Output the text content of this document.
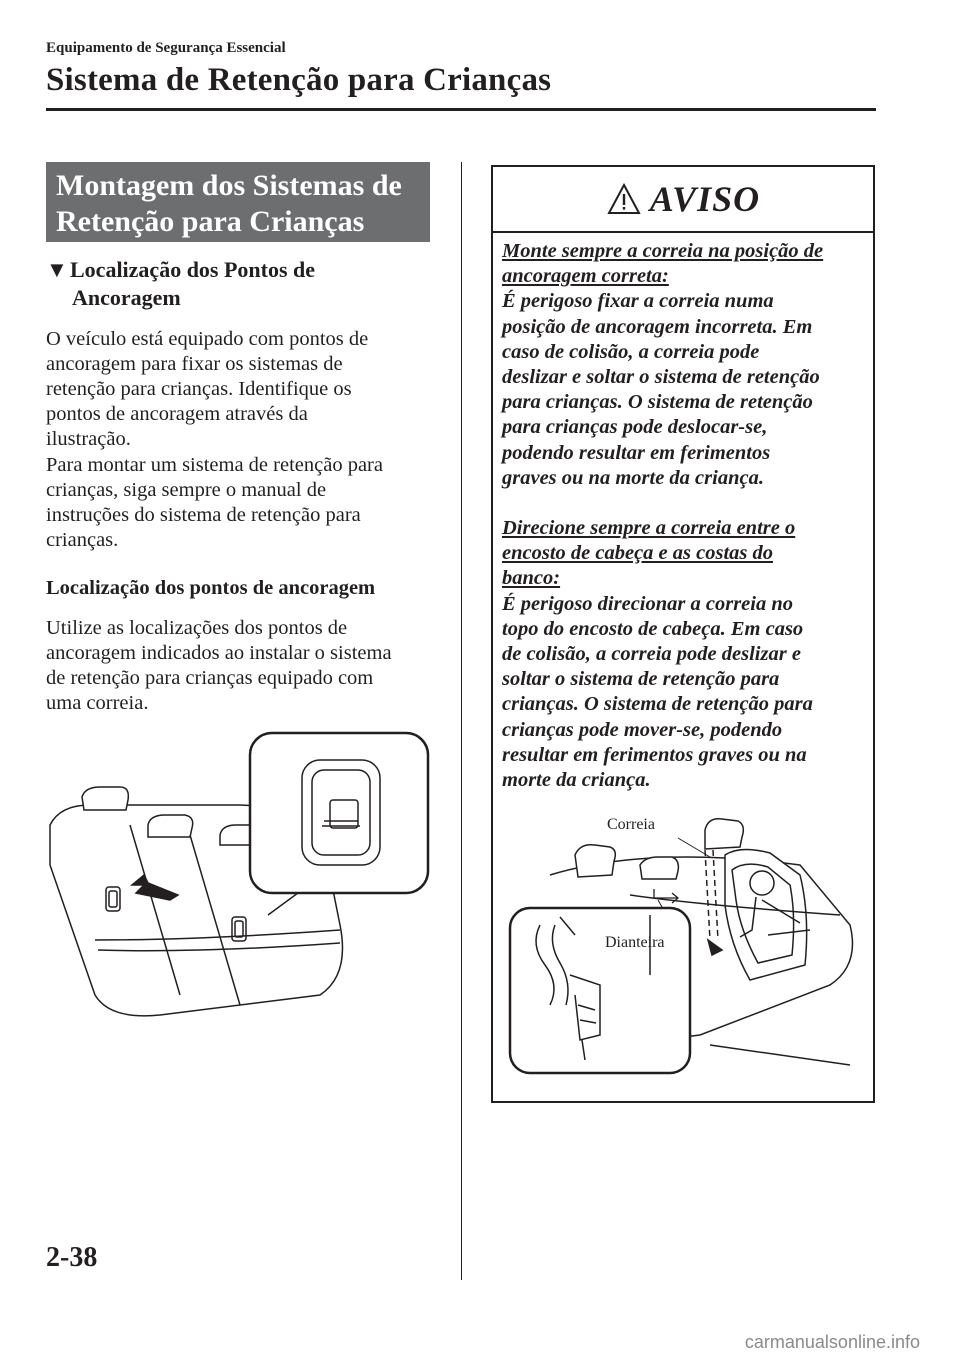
Equipamento de Segurança Essencial
Sistema de Retenção para Crianças
Montagem dos Sistemas de
Retenção para Crianças
▼ Localização dos Pontos de
Ancoragem
O veículo está equipado com pontos de
ancoragem para fixar os sistemas de
retenção para crianças. Identifique os
pontos de ancoragem através da
ilustração.
Para montar um sistema de retenção para
crianças, siga sempre o manual de
instruções do sistema de retenção para
crianças.
Localização dos pontos de ancoragem
Utilize as localizações dos pontos de
ancoragem indicados ao instalar o sistema
de retenção para crianças equipado com
uma correia.
AVISO
Monte sempre a correia na posição de
ancoragem correta:
É perigoso fixar a correia numa
posição de ancoragem incorreta. Em
caso de colisão, a correia pode
deslizar e soltar o sistema de retenção
para crianças. O sistema de retenção
para crianças pode deslocar-se,
podendo resultar em ferimentos
graves ou na morte da criança.
Direcione sempre a correia entre o
encosto de cabeça e as costas do
banco:
É perigoso direcionar a correia no
topo do encosto de cabeça. Em caso
de colisão, a correia pode deslizar e
soltar o sistema de retenção para
crianças. O sistema de retenção para
crianças pode mover-se, podendo
resultar em ferimentos graves ou na
morte da criança.
Correia
Dianteira
2-38
carmanualsonline.info
